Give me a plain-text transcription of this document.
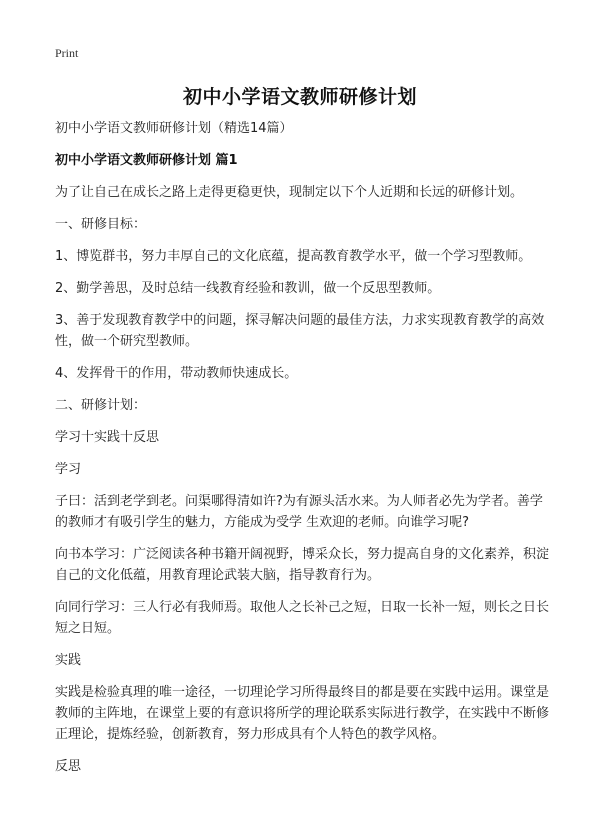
Print
初中小学语文教师研修计划

初中小学语文教师研修计划（精选14篇）

初中小学语文教师研修计划 篇1

为了让自己在成长之路上走得更稳更快，现制定以下个人近期和长远的研修计划。

一、研修目标：

1、博览群书，努力丰厚自己的文化底蕴，提高教育教学水平，做一个学习型教师。

2、勤学善思，及时总结一线教育经验和教训，做一个反思型教师。

3、善于发现教育教学中的问题，探寻解决问题的最佳方法，力求实现教育教学的高效性，做一个研究型教师。

4、发挥骨干的作用，带动教师快速成长。

二、研修计划：

学习十实践十反思

学习

子曰：活到老学到老。问渠哪得清如许?为有源头活水来。为人师者必先为学者。善学的教师才有吸引学生的魅力，方能成为受学 生欢迎的老师。向谁学习呢?

向书本学习：广泛阅读各种书籍开阔视野，博采众长，努力提高自身的文化素养，积淀自己的文化低蕴，用教育理论武装大脑，指导教育行为。

向同行学习：三人行必有我师焉。取他人之长补己之短，日取一长补一短，则长之日长短之日短。

实践

实践是检验真理的唯一途径，一切理论学习所得最终目的都是要在实践中运用。课堂是教师的主阵地，在课堂上要的有意识将所学的理论联系实际进行教学，在实践中不断修正理论，提炼经验，创新教育，努力形成具有个人特色的教学风格。

反思
